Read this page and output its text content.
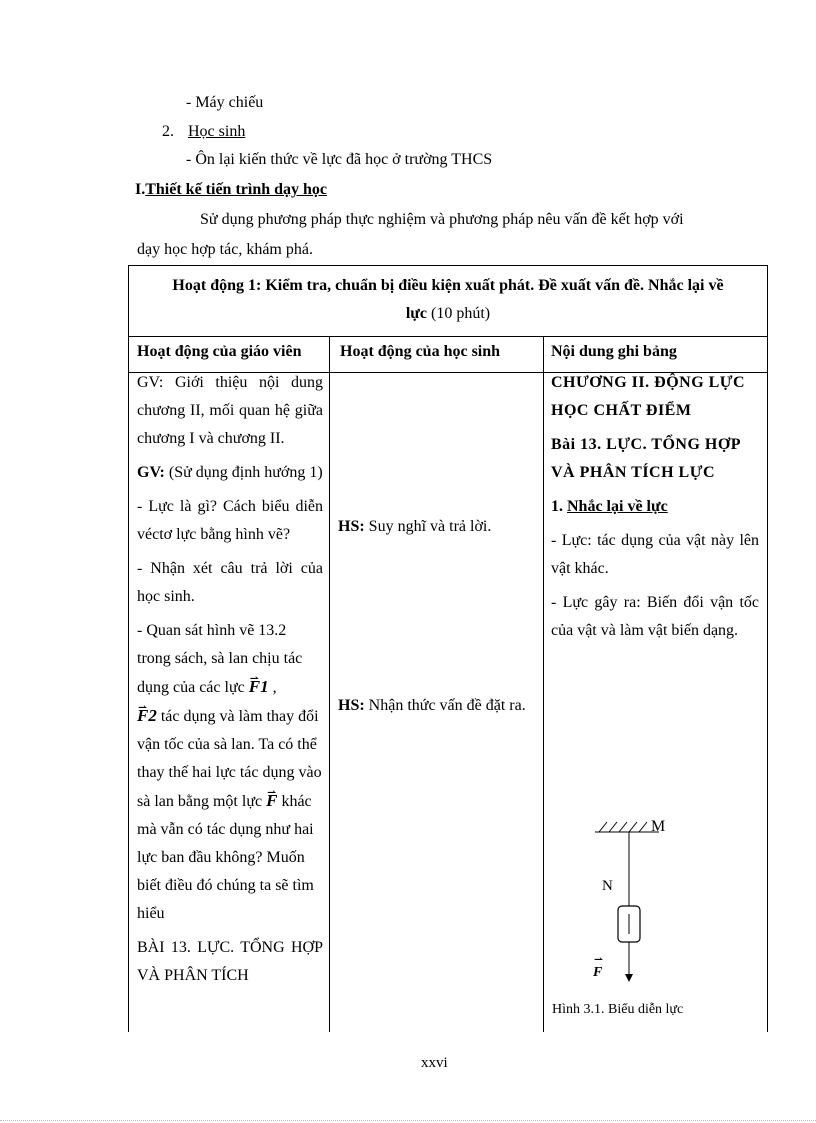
- Máy chiếu
2. Học sinh
- Ôn lại kiến thức về lực đã học ở trường THCS
I.Thiết kế tiến trình dạy học
Sử dụng phương pháp thực nghiệm và phương pháp nêu vấn đề kết hợp với
dạy học hợp tác, khám phá.
Hoạt động 1: Kiểm tra, chuẩn bị điều kiện xuất phát. Đề xuất vấn đề. Nhắc lại về
lực (10 phút)
Hoạt động của giáo viên Hoạt động của học sinh	Nội dung ghi bảng

GV: Giới thiệu nội dung chương II, mối quan hệ giữa chương I và chương II.

GV: (Sử dụng định hướng 1)

- Lực là gì? Cách biểu diễn véctơ lực bằng hình vẽ?

- Nhận xét câu trả lời của học sinh.

- Quan sát hình vẽ 13.2 trong sách, sà lan chịu tác dụng của các lực ⇀ F1 ,
⇀ F2 tác dụng và làm thay đổi vận tốc của sà lan. Ta có thể thay thế hai lực tác dụng vào sà lan bằng một lực ⇀ F khác mà vẫn có tác dụng như hai lực ban đầu không? Muốn biết điều đó chúng ta sẽ tìm hiểu

BÀI 13. LỰC. TỔNG HỢP VÀ PHÂN TÍCH

HS: Suy nghĩ và trả lời.
HS: Nhận thức vấn đề đặt ra.

CHƯƠNG II. ĐỘNG LỰC HỌC CHẤT ĐIỂM

Bài 13. LỰC. TỔNG HỢP VÀ PHÂN TÍCH LỰC

1. Nhắc lại về lực

- Lực: tác dụng của vật này lên vật khác.

- Lực gây ra: Biến đổi vận tốc của vật và làm vật biến dạng.

M
N
⇀ F
Hình 3.1. Biểu diễn lực
xxvi
